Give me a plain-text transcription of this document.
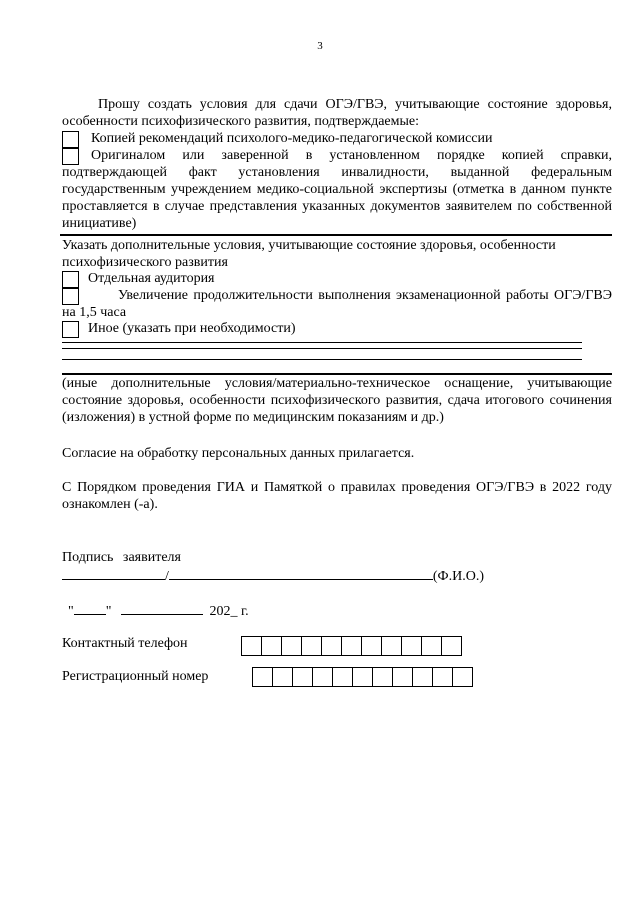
3
Прошу создать условия для сдачи ОГЭ/ГВЭ, учитывающие состояние здоровья, особенности психофизического развития, подтверждаемые:
Копией рекомендаций психолого-медико-педагогической комиссии
Оригиналом или заверенной в установленном порядке копией справки, подтверждающей факт установления инвалидности, выданной федеральным государственным учреждением медико-социальной экспертизы (отметка в данном пункте проставляется в случае представления указанных документов заявителем по собственной инициативе)
Указать дополнительные условия, учитывающие состояние здоровья, особенности психофизического развития
Отдельная аудитория
Увеличение продолжительности выполнения экзаменационной работы ОГЭ/ГВЭ на 1,5 часа
Иное (указать при необходимости)
(иные дополнительные условия/материально-техническое оснащение, учитывающие состояние здоровья, особенности психофизического развития, сдача итогового сочинения (изложения) в устной форме по медицинским показаниям и др.)
Согласие на обработку персональных данных прилагается.
С Порядком проведения ГИА и Памяткой о правилах проведения ОГЭ/ГВЭ в 2022 году ознакомлен (-а).
Подпись заявителя
/	(Ф.И.О.)
" "	202_ г.
Контактный телефон
Регистрационный номер
